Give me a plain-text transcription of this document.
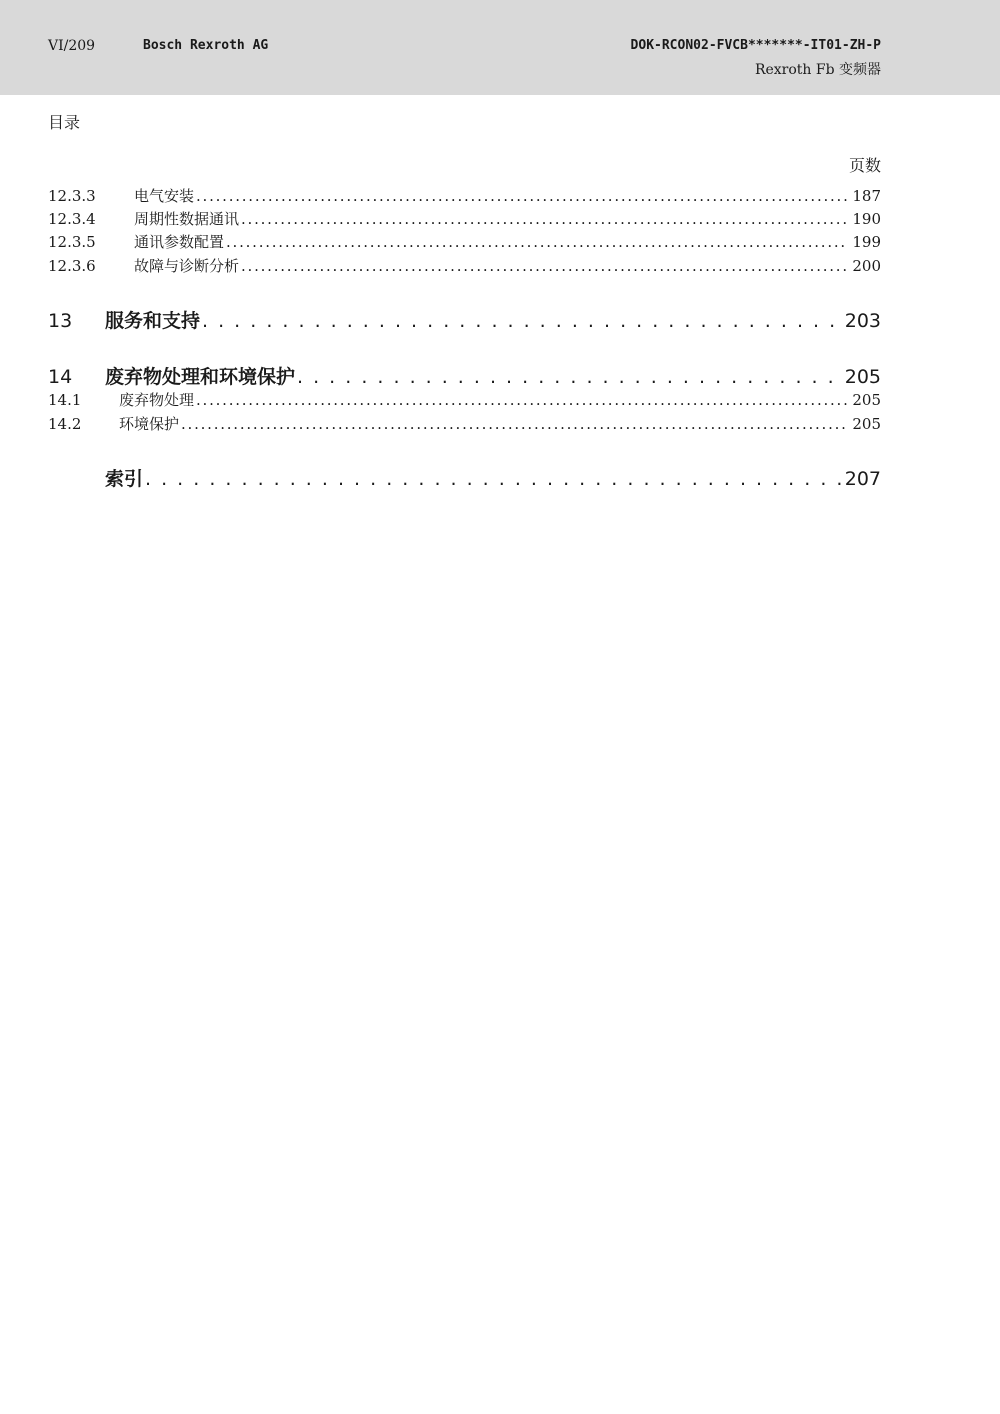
VI/209	Bosch Rexroth AG	DOK-RCON02-FVCB*******-IT01-ZH-P
Rexroth Fb 变频器
目录
页数
12.3.3	电气安装 . . .	187
12.3.4	周期性数据通讯 . . .	190
12.3.5	通讯参数配置 . . .	199
12.3.6	故障与诊断分析 . . .	200
13	服务和支持 . . .	203
14	废弃物处理和环境保护 . . .	205
14.1	废弃物处理 . . .	205
14.2	环境保护 . . .	205
索引 . . .	207
